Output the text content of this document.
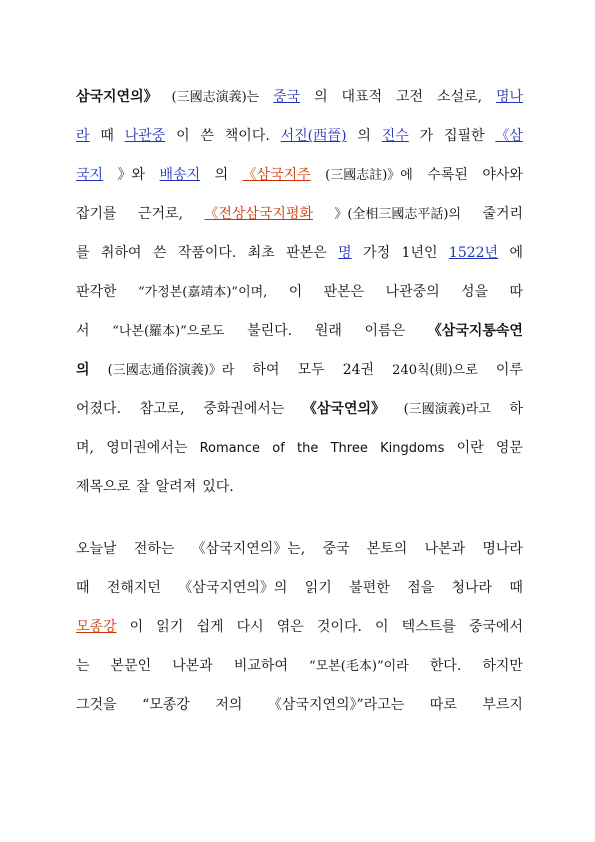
삼국지연의》 (三國志演義)는 중국 의 대표적 고전 소설로, 명나
라 때 나관중 이 쓴 책이다. 서진(西晉) 의 진수 가 집필한 《삼
국지 》와 배송지 의 《삼국지주 (三國志註)》에 수록된 야사와
잡기를 근거로, 《전상삼국지평화 》(全相三國志平話)의 줄거리
를 취하여 쓴 작품이다. 최초 판본은 명 가정 1년인 1522년 에
판각한 “가정본(嘉靖本)”이며, 이 판본은 나관중의 성을 따
서 “나본(羅本)”으로도 불린다. 원래 이름은 《삼국지통속연
의 (三國志通俗演義)》라 하여 모두 24권 240칙(則)으로 이루
어졌다. 참고로, 중화권에서는 《삼국연의》 (三國演義)라고 하
며, 영미권에서는 Romance of the Three Kingdoms 이란 영문
제목으로 잘 알려져 있다.
오늘날 전하는 《삼국지연의》는, 중국 본토의 나본과 명나라
때 전해지던 《삼국지연의》의 읽기 불편한 점을 청나라 때
모종강 이 읽기 쉽게 다시 엮은 것이다. 이 텍스트를 중국에서
는 본문인 나본과 비교하여 “모본(毛本)”이라 한다. 하지만
그것을 “모종강 저의 《삼국지연의》”라고는 따로 부르지
